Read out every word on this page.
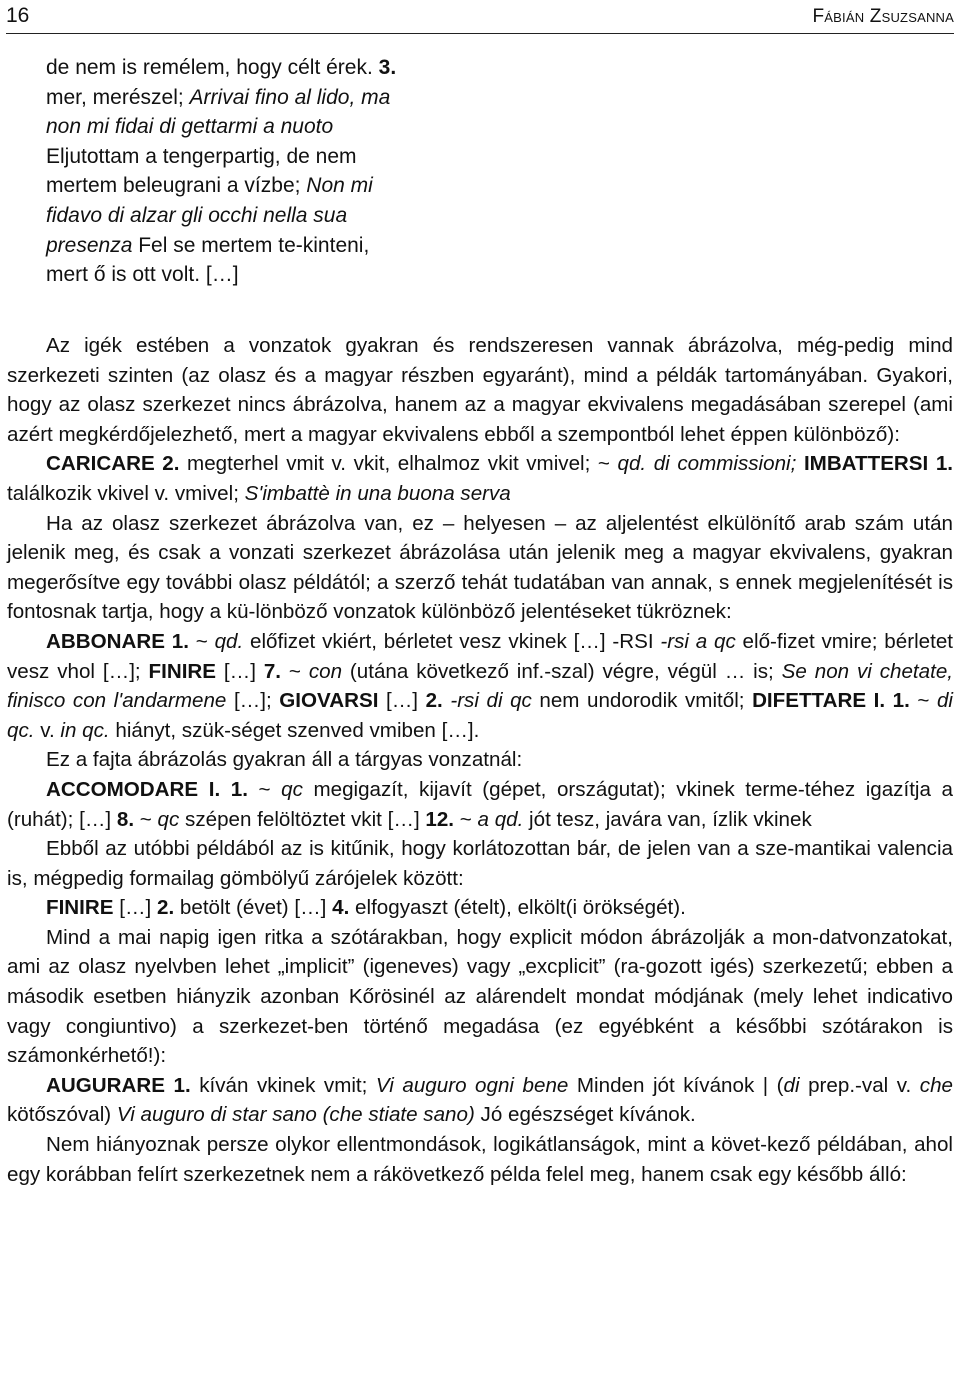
16	Fábián Zsuzsanna

de nem is remélem, hogy célt érek. 3. mer, merészel; Arrivai fino al lido, ma non mi fidai di gettarmi a nuoto Eljutottam a tengerpartig, de nem mertem beleugrani a vízbe; Non mi fidavo di alzar gli occhi nella sua presenza Fel se mertem te-kinteni, mert ő is ott volt. […]

Az igék estében a vonzatok gyakran és rendszeresen vannak ábrázolva, még-pedig mind szerkezeti szinten (az olasz és a magyar részben egyaránt), mind a példák tartományában. Gyakori, hogy az olasz szerkezet nincs ábrázolva, hanem az a magyar ekvivalens megadásában szerepel (ami azért megkérdőjelezhető, mert a magyar ekvivalens ebből a szempontból lehet éppen különböző):

CARICARE 2. megterhel vmit v. vkit, elhalmoz vkit vmivel; ~ qd. di commissioni; IMBATTERSI 1. találkozik vkivel v. vmivel; S'imbattè in una buona serva

Ha az olasz szerkezet ábrázolva van, ez – helyesen – az aljelentést elkülönítő arab szám után jelenik meg, és csak a vonzati szerkezet ábrázolása után jelenik meg a magyar ekvivalens, gyakran megerősítve egy további olasz példától; a szerző tehát tudatában van annak, s ennek megjelenítését is fontosnak tartja, hogy a kü-lönböző vonzatok különböző jelentéseket tükröznek:

ABBONARE 1. ~ qd. előfizet vkiért, bérletet vesz vkinek […] -RSI -rsi a qc elő-fizet vmire; bérletet vesz vhol […]; FINIRE […] 7. ~ con (utána következő inf.-szal) végre, végül … is; Se non vi chetate, finisco con l'andarmene […]; GIOVARSI […] 2. -rsi di qc nem undorodik vmitől; DIFETTARE I. 1. ~ di qc. v. in qc. hiányt, szük-séget szenved vmiben […].

Ez a fajta ábrázolás gyakran áll a tárgyas vonzatnál:

ACCOMODARE I. 1. ~ qc megigazít, kijavít (gépet, országutat); vkinek terme-téhez igazítja a (ruhát); […] 8. ~ qc szépen felöltöztet vkit […] 12. ~ a qd. jót tesz, javára van, ízlik vkinek

Ebből az utóbbi példából az is kitűnik, hogy korlátozottan bár, de jelen van a sze-mantikai valencia is, mégpedig formailag gömbölyű zárójelek között:

FINIRE […] 2. betölt (évet) […] 4. elfogyaszt (ételt), elkölt(i örökségét).

Mind a mai napig igen ritka a szótárakban, hogy explicit módon ábrázolják a mon-datvonzatokat, ami az olasz nyelvben lehet „implicit” (igeneves) vagy „excplicit” (ra-gozott igés) szerkezetű; ebben a második esetben hiányzik azonban Kőrösinél az alárendelt mondat módjának (mely lehet indicativo vagy congiuntivo) a szerkezet-ben történő megadása (ez egyébként a későbbi szótárakon is számonkérhető!):

AUGURARE 1. kíván vkinek vmit; Vi auguro ogni bene Minden jót kívánok | (di prep.-val v. che kötőszóval) Vi auguro di star sano (che stiate sano) Jó egészséget kívánok.

Nem hiányoznak persze olykor ellentmondások, logikátlanságok, mint a követ-kező példában, ahol egy korábban felírt szerkezetnek nem a rákövetkező példa felel meg, hanem csak egy később álló:
